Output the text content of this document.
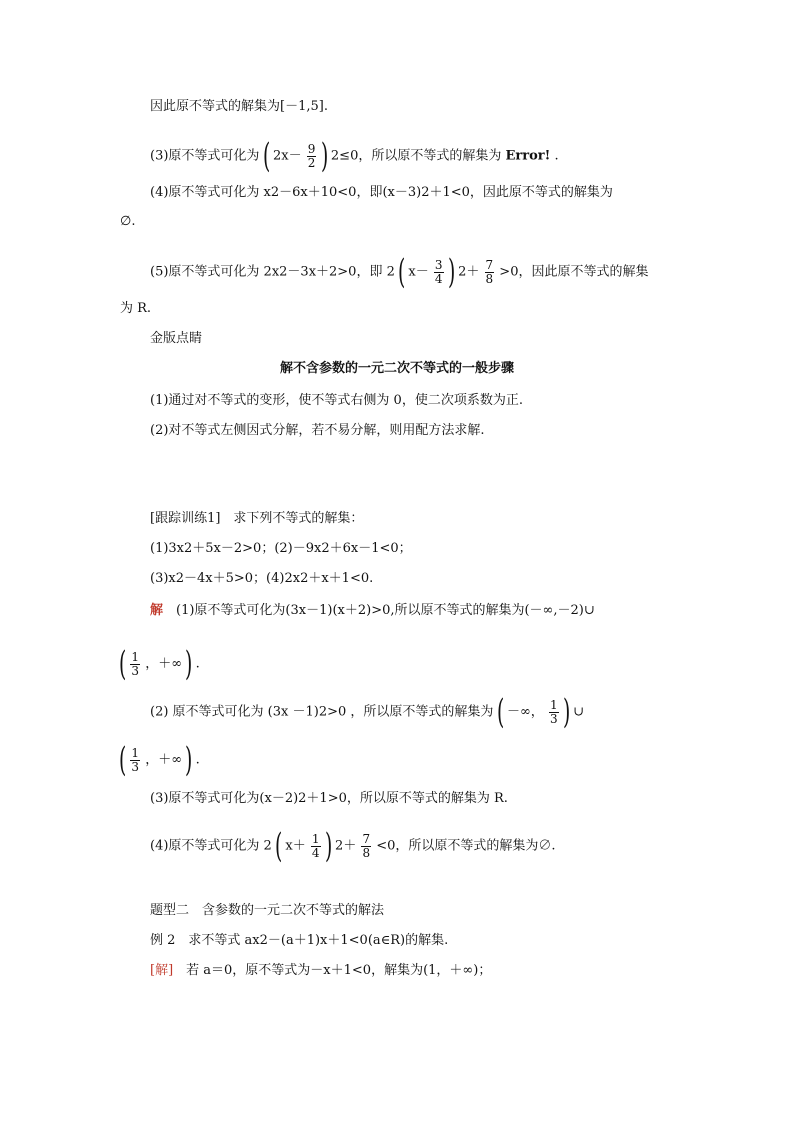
因此原不等式的解集为[－1,5].
(3)原不等式可化为 ( $2x- \frac{9}{2}$ ) 2≤0，所以原不等式的解集为 Error! .
(4)原不等式可化为 x2－6x＋10<0，即(x－3)2＋1<0，因此原不等式的解集为
∅.
(5)原不等式可化为 2x2－3x＋2>0，即 2 ( $x- \frac{3}{4}$ ) $2+ \frac{7}{8} >0$，因此原不等式的解集
为 R.
金版点睛
解不含参数的一元二次不等式的一般步骤
(1)通过对不等式的变形，使不等式右侧为 0，使二次项系数为正.
(2)对不等式左侧因式分解，若不易分解，则用配方法求解.
[跟踪训练1]　求下列不等式的解集：
(1)3x2＋5x－2>0；(2)－9x2＋6x－1<0；
(3)x2－4x＋5>0；(4)2x2＋x＋1<0.
解　(1)原不等式可化为(3x－1)(x＋2)>0,所以原不等式的解集为(－∞,－2)∪
( $\frac{1}{3}$ ，＋∞ ) .
(2) 原不等式可化为 (3x －1)2>0 ，所以原不等式的解集为 ( －∞， $\frac{1}{3}$ ) ∪
( $\frac{1}{3}$ ，＋∞ ) .
(3)原不等式可化为(x－2)2＋1>0，所以原不等式的解集为 R.
(4)原不等式可化为 2 ( $x+ \frac{1}{4}$ ) $2+ \frac{7}{8} <0$，所以原不等式的解集为∅.
题型二　含参数的一元二次不等式的解法
例 2　求不等式 ax2－(a＋1)x＋1<0(a∈R)的解集.
[解]　若 a＝0，原不等式为－x＋1<0，解集为(1，＋∞)；
